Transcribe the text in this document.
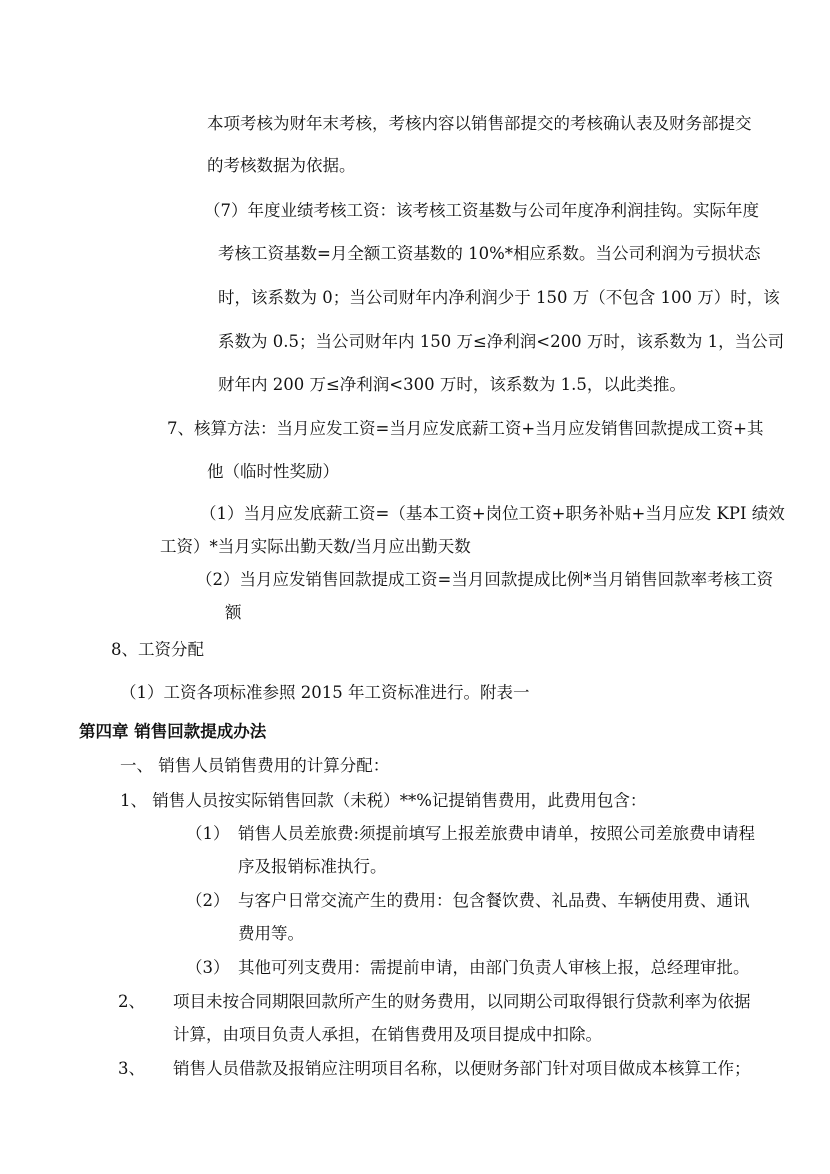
本项考核为财年末考核，考核内容以销售部提交的考核确认表及财务部提交

的考核数据为依据。

（7）年度业绩考核工资：该考核工资基数与公司年度净利润挂钩。实际年度

考核工资基数=月全额工资基数的 10%*相应系数。当公司利润为亏损状态

时，该系数为 0；当公司财年内净利润少于 150 万（不包含 100 万）时，该

系数为 0.5；当公司财年内 150 万≤净利润<200 万时，该系数为 1，当公司

财年内 200 万≤净利润<300 万时，该系数为 1.5，以此类推。

7、核算方法：当月应发工资=当月应发底薪工资+当月应发销售回款提成工资+其

他（临时性奖励）

（1）当月应发底薪工资=（基本工资+岗位工资+职务补贴+当月应发 KPI 绩效

工资）*当月实际出勤天数/当月应出勤天数

（2）当月应发销售回款提成工资=当月回款提成比例*当月销售回款率考核工资

额

8、工资分配

（1）工资各项标准参照 2015 年工资标准进行。附表一

第四章 销售回款提成办法

一、 销售人员销售费用的计算分配：

1、 销售人员按实际销售回款（未税）**%记提销售费用，此费用包含：

（1） 销售人员差旅费:须提前填写上报差旅费申请单，按照公司差旅费申请程

序及报销标准执行。

（2） 与客户日常交流产生的费用：包含餐饮费、礼品费、车辆使用费、通讯

费用等。

（3） 其他可列支费用：需提前申请，由部门负责人审核上报，总经理审批。

2、 项目未按合同期限回款所产生的财务费用，以同期公司取得银行贷款利率为依据

计算，由项目负责人承担，在销售费用及项目提成中扣除。

3、 销售人员借款及报销应注明项目名称，以便财务部门针对项目做成本核算工作；
